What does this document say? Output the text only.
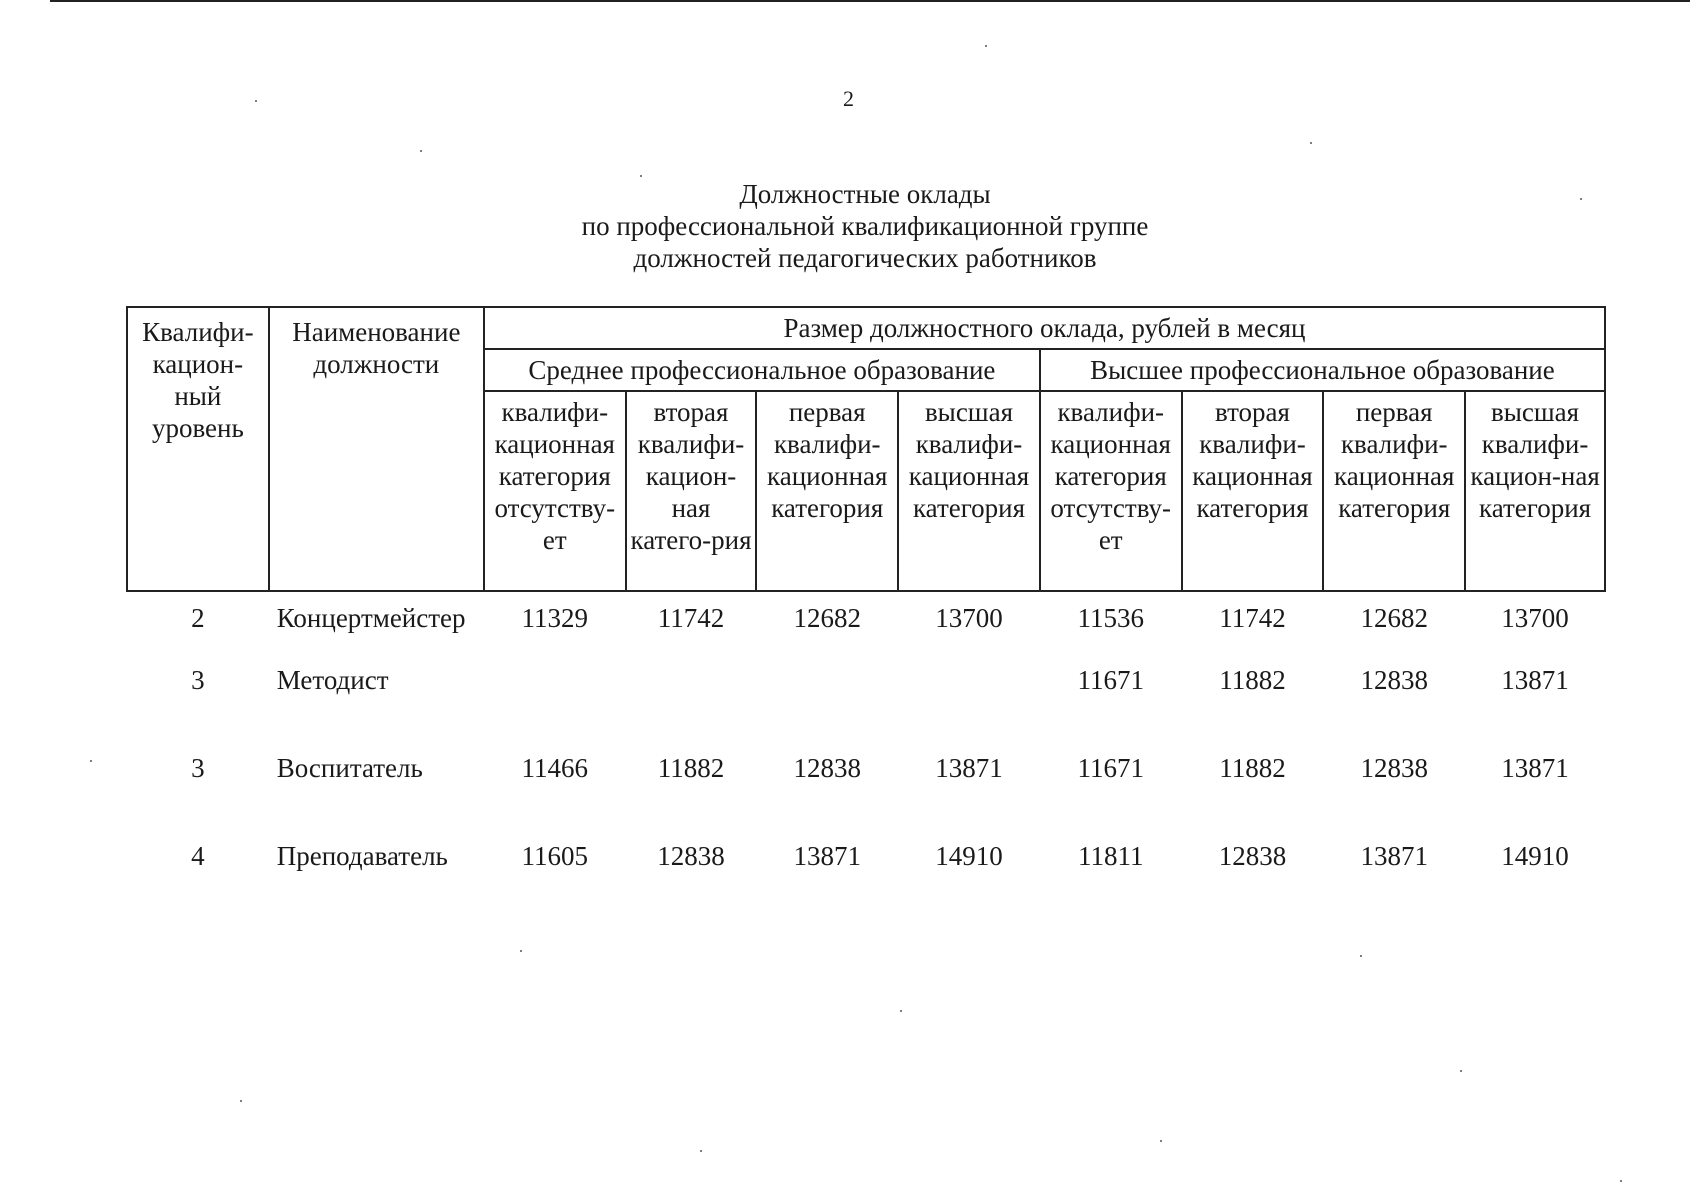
2
Должностные оклады
по профессиональной квалификационной группе
должностей педагогических работников
Квалифи-кацион-ный уровень	Наименование должности	Размер должностного оклада, рублей в месяц							
		Среднее профессиональное образование				Высшее профессиональное образование			
		квалифи-кационная категория отсутству-ет	вторая квалифи-кацион-ная катего-рия	первая квалифи-кационная категория	высшая квалифи-кационная категория	квалифи-кационная категория отсутству-ет	вторая квалифи-кационная категория	первая квалифи-кационная категория	высшая квалифи-кацион-ная категория
2	Концертмейстер	11329	11742	12682	13700	11536	11742	12682	13700
3	Методист					11671	11882	12838	13871
3	Воспитатель	11466	11882	12838	13871	11671	11882	12838	13871
4	Преподаватель	11605	12838	13871	14910	11811	12838	13871	14910
